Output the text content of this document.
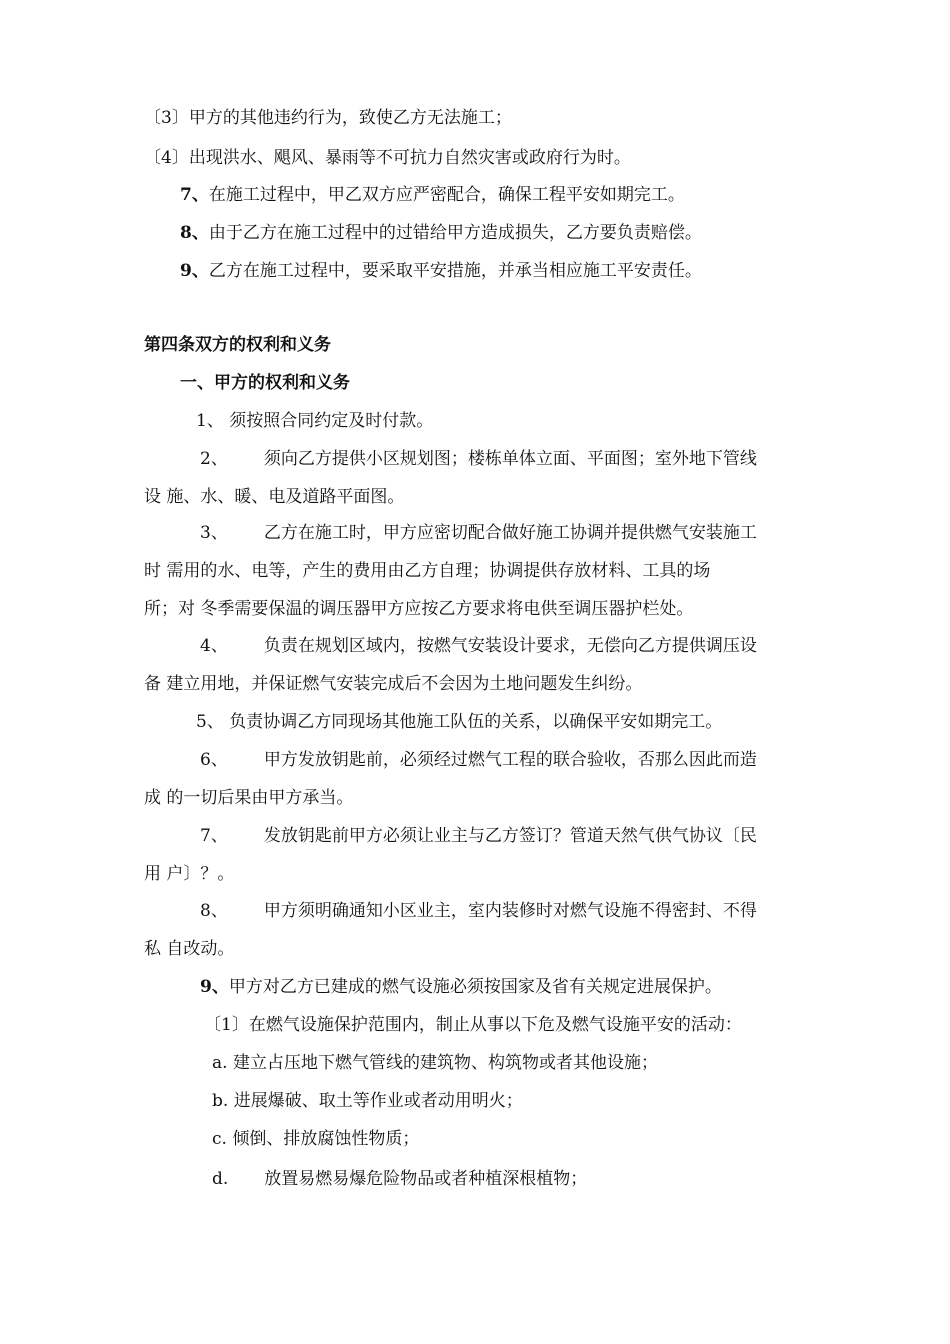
〔3〕甲方的其他违约行为，致使乙方无法施工；
〔4〕出现洪水、飓风、暴雨等不可抗力自然灾害或政府行为时。
7、在施工过程中，甲乙双方应严密配合，确保工程平安如期完工。
8、由于乙方在施工过程中的过错给甲方造成损失，乙方要负责赔偿。
9、乙方在施工过程中，要采取平安措施，并承当相应施工平安责任。
第四条双方的权利和义务
一、甲方的权利和义务
1、 须按照合同约定及时付款。
2、 须向乙方提供小区规划图；楼栋单体立面、平面图；室外地下管线
设 施、水、暖、电及道路平面图。
3、 乙方在施工时，甲方应密切配合做好施工协调并提供燃气安装施工
时 需用的水、电等，产生的费用由乙方自理；协调提供存放材料、工具的场
所；对 冬季需要保温的调压器甲方应按乙方要求将电供至调压器护栏处。
4、 负责在规划区域内，按燃气安装设计要求，无偿向乙方提供调压设
备 建立用地，并保证燃气安装完成后不会因为土地问题发生纠纷。
5、 负责协调乙方同现场其他施工队伍的关系，以确保平安如期完工。
6、 甲方发放钥匙前，必须经过燃气工程的联合验收，否那么因此而造
成 的一切后果由甲方承当。
7、 发放钥匙前甲方必须让业主与乙方签订？管道天然气供气协议〔民
用 户〕？。
8、 甲方须明确通知小区业主，室内装修时对燃气设施不得密封、不得
私 自改动。
9、甲方对乙方已建成的燃气设施必须按国家及省有关规定进展保护。
〔1〕在燃气设施保护范围内，制止从事以下危及燃气设施平安的活动：
a. 建立占压地下燃气管线的建筑物、构筑物或者其他设施；
b. 进展爆破、取土等作业或者动用明火；
c. 倾倒、排放腐蚀性物质；
d. 放置易燃易爆危险物品或者种植深根植物；
